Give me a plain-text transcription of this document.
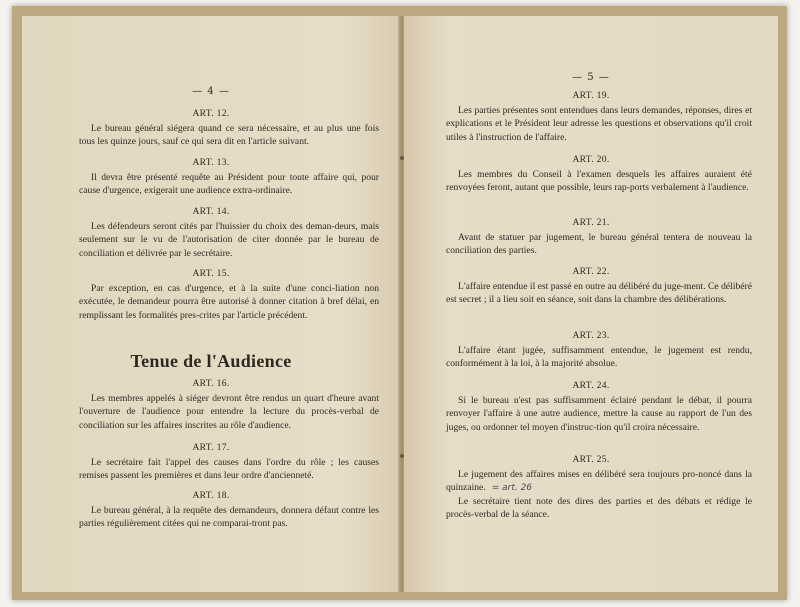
— 4 —
ART. 12.

Le bureau général siégera quand ce sera nécessaire, et au plus une fois tous les quinze jours, sauf ce qui sera dit en l'article suivant.

ART. 13.

Il devra être présenté requête au Président pour toute affaire qui, pour cause d'urgence, exigerait une audience extra-ordinaire.

ART. 14.

Les défendeurs seront cités par l'huissier du choix des deman-deurs, mais seulement sur le vu de l'autorisation de citer donnée par le bureau de conciliation et délivrée par le secrétaire.

ART. 15.

Par exception, en cas d'urgence, et à la suite d'une conci-liation non exécutée, le demandeur pourra être autorisé à donner citation à bref délai, en remplissant les formalités pres-crites par l'article précédent.

Tenue de l'Audience
ART. 16.

Les membres appelés à siéger devront être rendus un quart d'heure avant l'ouverture de l'audience pour entendre la lecture du procès-verbal de conciliation sur les affaires inscrites au rôle d'audience.

ART. 17.

Le secrétaire fait l'appel des causes dans l'ordre du rôle ; les causes remises passent les premières et dans leur ordre d'ancienneté.

ART. 18.

Le bureau général, à la requête des demandeurs, donnera défaut contre les parties régulièrement citées qui ne comparai-tront pas.

— 5 —
ART. 19.

Les parties présentes sont entendues dans leurs demandes, réponses, dires et explications et le Président leur adresse les questions et observations qu'il croit utiles à l'instruction de l'affaire.

ART. 20.

Les membres du Conseil à l'examen desquels les affaires auraient été renvoyées feront, autant que possible, leurs rap-ports verbalement à l'audience.

ART. 21.

Avant de statuer par jugement, le bureau général tentera de nouveau la conciliation des parties.

ART. 22.

L'affaire entendue il est passé en outre au délibéré du juge-ment. Ce délibéré est secret ; il a lieu soit en séance, soit dans la chambre des délibérations.

ART. 23.

L'affaire étant jugée, suffisamment entendue, le jugement est rendu, conformément à la loi, à la majorité absolue.

ART. 24.

Si le bureau n'est pas suffisamment éclairé pendant le débat, il pourra renvoyer l'affaire à une autre audience, mettre la cause au rapport de l'un des juges, ou ordonner tel moyen d'instruc-tion qu'il croira nécessaire.

ART. 25.

Le jugement des affaires mises en délibéré sera toujours pro-noncé dans la quinzaine. = art. 26

Le secrétaire tient note des dires des parties et des débats et rédige le procès-verbal de la séance.
